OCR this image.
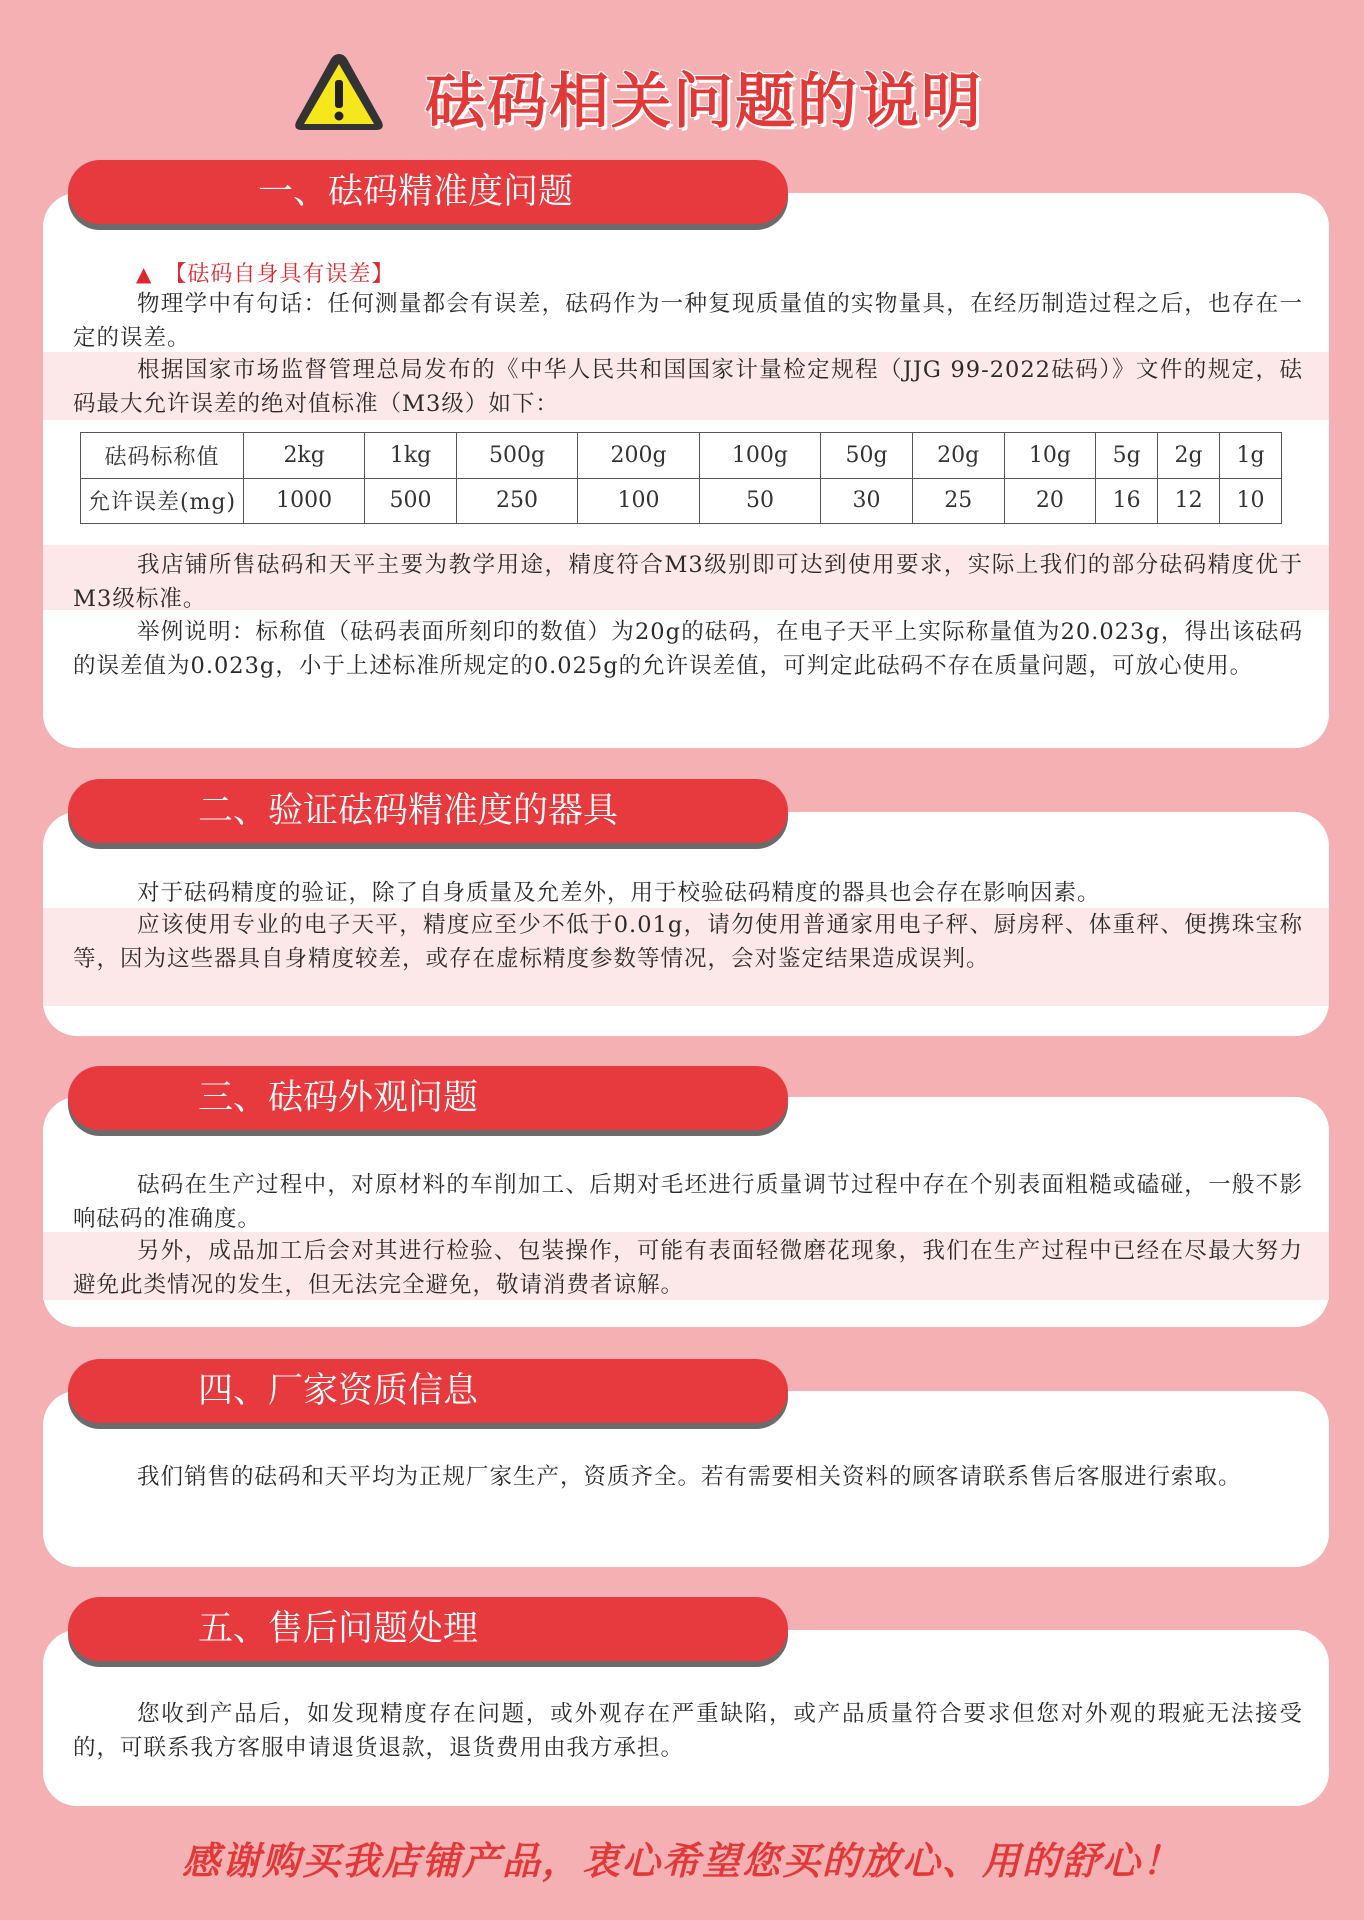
砝码相关问题的说明
一、砝码精准度问题
▲ 【砝码自身具有误差】
物理学中有句话：任何测量都会有误差，砝码作为一种复现质量值的实物量具，在经历制造过程之后，也存在一定的误差。
根据国家市场监督管理总局发布的《中华人民共和国国家计量检定规程（JJG 99-2022砝码）》文件的规定，砝码最大允许误差的绝对值标准（M3级）如下：
砝码标称值	2kg	1kg	500g	200g	100g	50g	20g	10g	5g	2g	1g
允许误差(mg)	1000	500	250	100	50	30	25	20	16	12	10
我店铺所售砝码和天平主要为教学用途，精度符合M3级别即可达到使用要求，实际上我们的部分砝码精度优于M3级标准。
举例说明：标称值（砝码表面所刻印的数值）为20g的砝码，在电子天平上实际称量值为20.023g，得出该砝码的误差值为0.023g，小于上述标准所规定的0.025g的允许误差值，可判定此砝码不存在质量问题，可放心使用。
二、验证砝码精准度的器具
对于砝码精度的验证，除了自身质量及允差外，用于校验砝码精度的器具也会存在影响因素。
应该使用专业的电子天平，精度应至少不低于0.01g，请勿使用普通家用电子秤、厨房秤、体重秤、便携珠宝称等，因为这些器具自身精度较差，或存在虚标精度参数等情况，会对鉴定结果造成误判。
三、砝码外观问题
砝码在生产过程中，对原材料的车削加工、后期对毛坯进行质量调节过程中存在个别表面粗糙或磕碰，一般不影响砝码的准确度。
另外，成品加工后会对其进行检验、包装操作，可能有表面轻微磨花现象，我们在生产过程中已经在尽最大努力避免此类情况的发生，但无法完全避免，敬请消费者谅解。
四、厂家资质信息
我们销售的砝码和天平均为正规厂家生产，资质齐全。若有需要相关资料的顾客请联系售后客服进行索取。
五、售后问题处理
您收到产品后，如发现精度存在问题，或外观存在严重缺陷，或产品质量符合要求但您对外观的瑕疵无法接受的，可联系我方客服申请退货退款，退货费用由我方承担。
感谢购买我店铺产品，衷心希望您买的放心、用的舒心！
